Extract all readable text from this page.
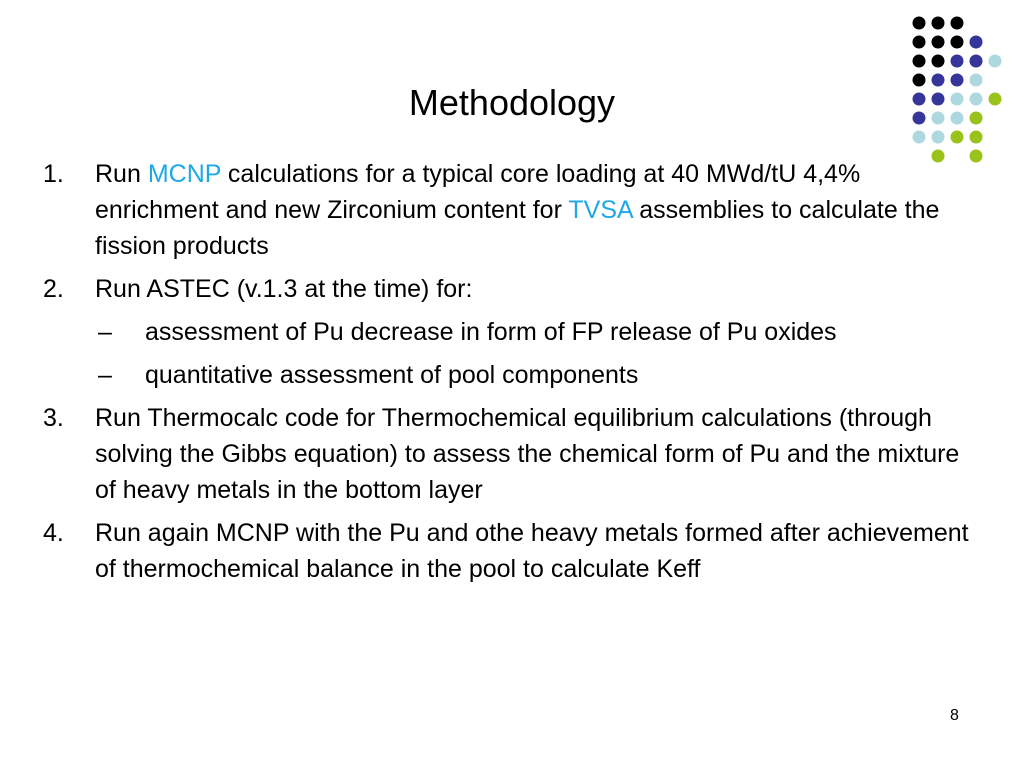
Methodology
1. Run MCNP calculations for a typical core loading at 40 MWd/tU 4,4% enrichment and new Zirconium content for TVSA assemblies to calculate the fission products
2. Run ASTEC (v.1.3 at the time) for:
– assessment of Pu decrease in form of FP release of Pu oxides
– quantitative assessment of pool components
3. Run Thermocalc code for Thermochemical equilibrium calculations (through solving the Gibbs equation) to assess the chemical form of Pu and the mixture of heavy metals in the bottom layer
4. Run again MCNP with the Pu and othe heavy metals formed after achievement of thermochemical balance in the pool to calculate Keff
8
